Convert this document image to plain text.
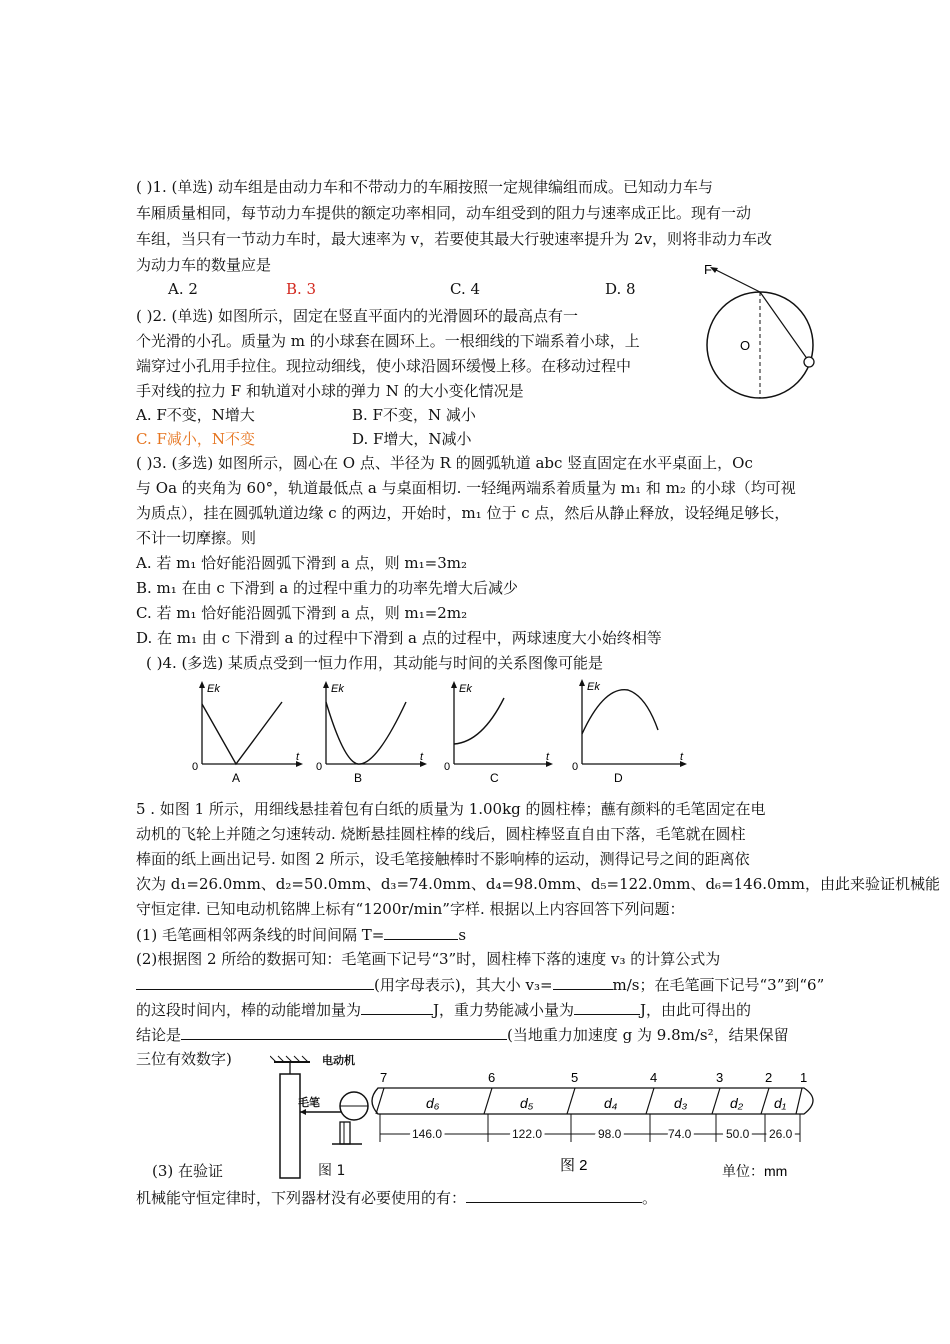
( )1. (单选) 动车组是由动力车和不带动力的车厢按照一定规律编组而成。已知动力车与
车厢质量相同，每节动力车提供的额定功率相同，动车组受到的阻力与速率成正比。现有一动
车组，当只有一节动力车时，最大速率为 v，若要使其最大行驶速率提升为 2v，则将非动力车改
为动力车的数量应是
A. 2	B. 3	C. 4	D. 8
( )2. (单选) 如图所示，固定在竖直平面内的光滑圆环的最高点有一
个光滑的小孔。质量为 m 的小球套在圆环上。一根细线的下端系着小球，上
端穿过小孔用手拉住。现拉动细线，使小球沿圆环缓慢上移。在移动过程中
手对线的拉力 F 和轨道对小球的弹力 N 的大小变化情况是
A. F不变，N增大	B. F不变，N 减小
C. F减小，N不变	D. F增大，N减小
F
O
( )3. (多选) 如图所示，圆心在 O 点、半径为 R 的圆弧轨道 abc 竖直固定在水平桌面上，Oc
与 Oa 的夹角为 60°，轨道最低点 a 与桌面相切. 一轻绳两端系着质量为 m₁ 和 m₂ 的小球（均可视
为质点），挂在圆弧轨道边缘 c 的两边，开始时，m₁ 位于 c 点，然后从静止释放，设轻绳足够长，
不计一切摩擦。则
A. 若 m₁ 恰好能沿圆弧下滑到 a 点，则 m₁=3m₂
B. m₁ 在由 c 下滑到 a 的过程中重力的功率先增大后减少
C. 若 m₁ 恰好能沿圆弧下滑到 a 点，则 m₁=2m₂
D. 在 m₁ 由 c 下滑到 a 的过程中下滑到 a 点的过程中，两球速度大小始终相等
( )4. (多选) 某质点受到一恒力作用，其动能与时间的关系图像可能是
Ek
t
0
A
Ek
t
0
B
Ek
t
0
C
Ek
t
0
D
5 . 如图 1 所示，用细线悬挂着包有白纸的质量为 1.00kg 的圆柱棒；蘸有颜料的毛笔固定在电
动机的飞轮上并随之匀速转动. 烧断悬挂圆柱棒的线后，圆柱棒竖直自由下落，毛笔就在圆柱
棒面的纸上画出记号. 如图 2 所示，设毛笔接触棒时不影响棒的运动，测得记号之间的距离依
次为 d₁=26.0mm、d₂=50.0mm、d₃=74.0mm、d₄=98.0mm、d₅=122.0mm、d₆=146.0mm，由此来验证机械能
守恒定律. 已知电动机铭牌上标有“1200r/min”字样. 根据以上内容回答下列问题：
(1) 毛笔画相邻两条线的时间间隔 T=	s
(2)根据图 2 所给的数据可知：毛笔画下记号“3”时，圆柱棒下落的速度 v₃ 的计算公式为
(用字母表示)，其大小 v₃=	m/s；在毛笔画下记号“3”到“6”
的这段时间内，棒的动能增加量为	J，重力势能减小量为	J，由此可得出的
结论是	(当地重力加速度 g 为 9.8m/s²，结果保留
三位有效数字)	电动机
毛笔
图 1
(3) 在验证
机械能守恒定律时，下列器材没有必要使用的有：	。
7	6	5	4	3	2 1
d₆	d₅	d₄	d₃	d₂ d₁
146.0	122.0	98.0	74.0	50.0 26.0
图 2	单位：mm
